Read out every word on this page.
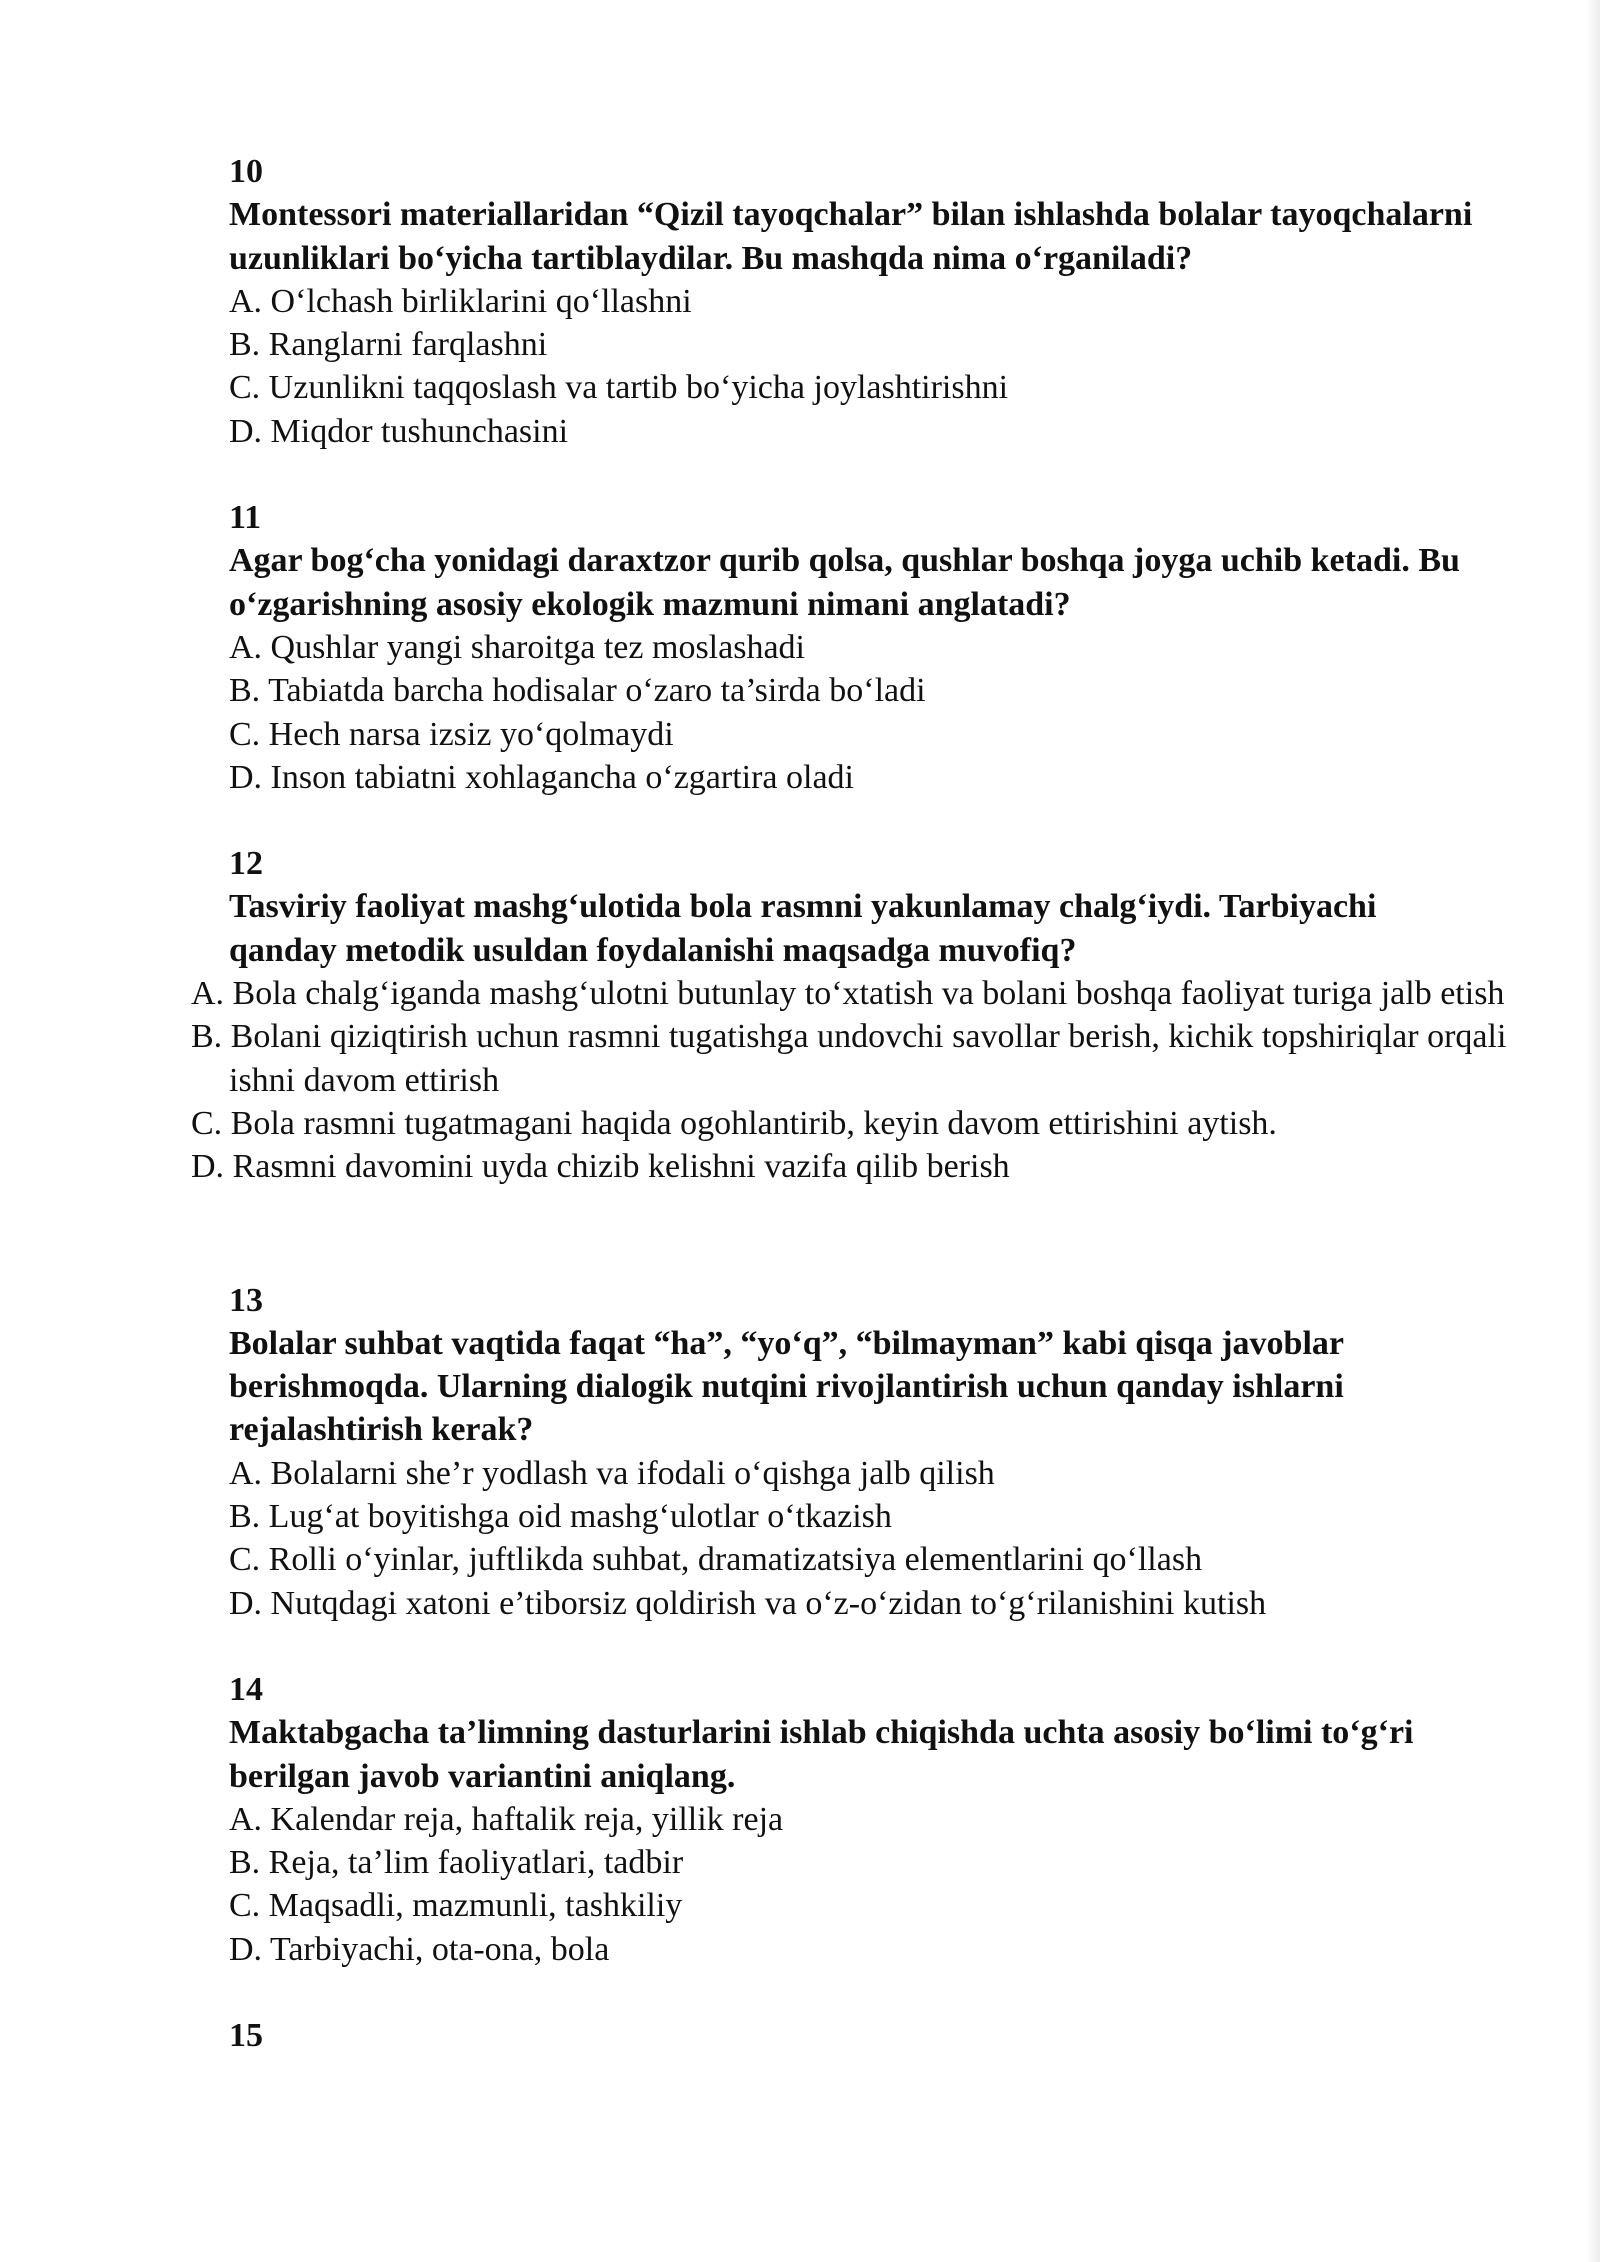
10
Montessori materiallaridan “Qizil tayoqchalar” bilan ishlashda bolalar tayoqchalarni uzunliklari bo‘yicha tartiblaydilar. Bu mashqda nima o‘rganiladi?
A. O‘lchash birliklarini qo‘llashni
B. Ranglarni farqlashni
C. Uzunlikni taqqoslash va tartib bo‘yicha joylashtirishni
D. Miqdor tushunchasini
11
Agar bog‘cha yonidagi daraxtzor qurib qolsa, qushlar boshqa joyga uchib ketadi. Bu o‘zgarishning asosiy ekologik mazmuni nimani anglatadi?
A. Qushlar yangi sharoitga tez moslashadi
B. Tabiatda barcha hodisalar o‘zaro ta’sirda bo‘ladi
C. Hech narsa izsiz yo‘qolmaydi
D. Inson tabiatni xohlagancha o‘zgartira oladi
12
Tasviriy faoliyat mashg‘ulotida bola rasmni yakunlamay chalg‘iydi. Tarbiyachi qanday metodik usuldan foydalanishi maqsadga muvofiq?
A. Bola chalg‘iganda mashg‘ulotni butunlay to‘xtatish va bolani boshqa faoliyat turiga jalb etish
B. Bolani qiziqtirish uchun rasmni tugatishga undovchi savollar berish, kichik topshiriqlar orqali ishni davom ettirish
C. Bola rasmni tugatmagani haqida ogohlantirib, keyin davom ettirishini aytish.
D. Rasmni davomini uyda chizib kelishni vazifa qilib berish
13
Bolalar suhbat vaqtida faqat “ha”, “yo‘q”, “bilmayman” kabi qisqa javoblar berishmoqda. Ularning dialogik nutqini rivojlantirish uchun qanday ishlarni rejalashtirish kerak?
A. Bolalarni she’r yodlash va ifodali o‘qishga jalb qilish
B. Lug‘at boyitishga oid mashg‘ulotlar o‘tkazish
C. Rolli o‘yinlar, juftlikda suhbat, dramatizatsiya elementlarini qo‘llash
D. Nutqdagi xatoni e’tiborsiz qoldirish va o‘z-o‘zidan to‘g‘rilanishini kutish
14
Maktabgacha ta’limning dasturlarini ishlab chiqishda uchta asosiy bo‘limi to‘g‘ri berilgan javob variantini aniqlang.
A. Kalendar reja, haftalik reja, yillik reja
B. Reja, ta’lim faoliyatlari, tadbir
C. Maqsadli, mazmunli, tashkiliy
D. Tarbiyachi, ota-ona, bola
15
